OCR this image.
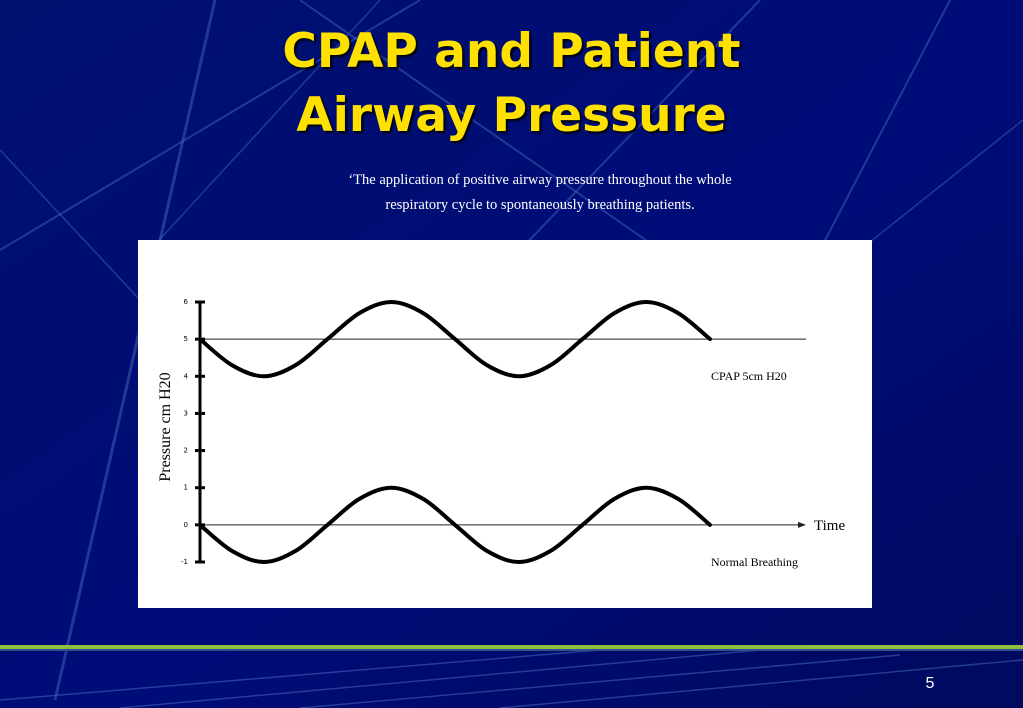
CPAP and Patient
Airway Pressure
‘The application of positive airway pressure throughout the whole respiratory cycle to spontaneously breathing patients.
-1
0
1
2
3
4
5
6
Pressure cm H20
Time
CPAP 5cm H20
Normal Breathing
5
